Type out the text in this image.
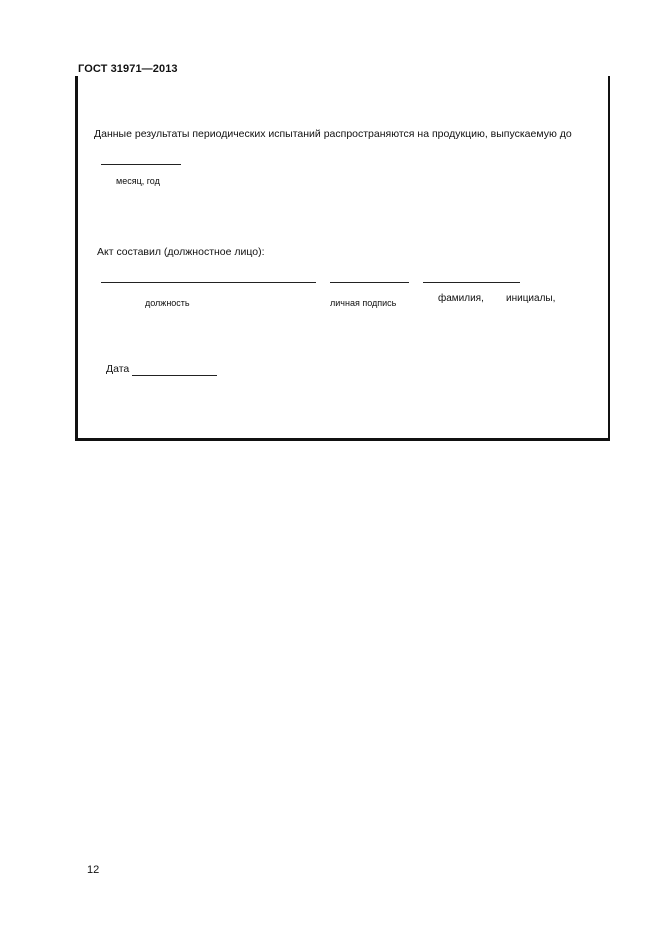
ГОСТ 31971—2013
Данные результаты периодических испытаний распространяются на продукцию, выпускаемую до
месяц, год
Акт составил (должностное лицо):
должность	личная подпись	фамилия, инициалы,
Дата
12
